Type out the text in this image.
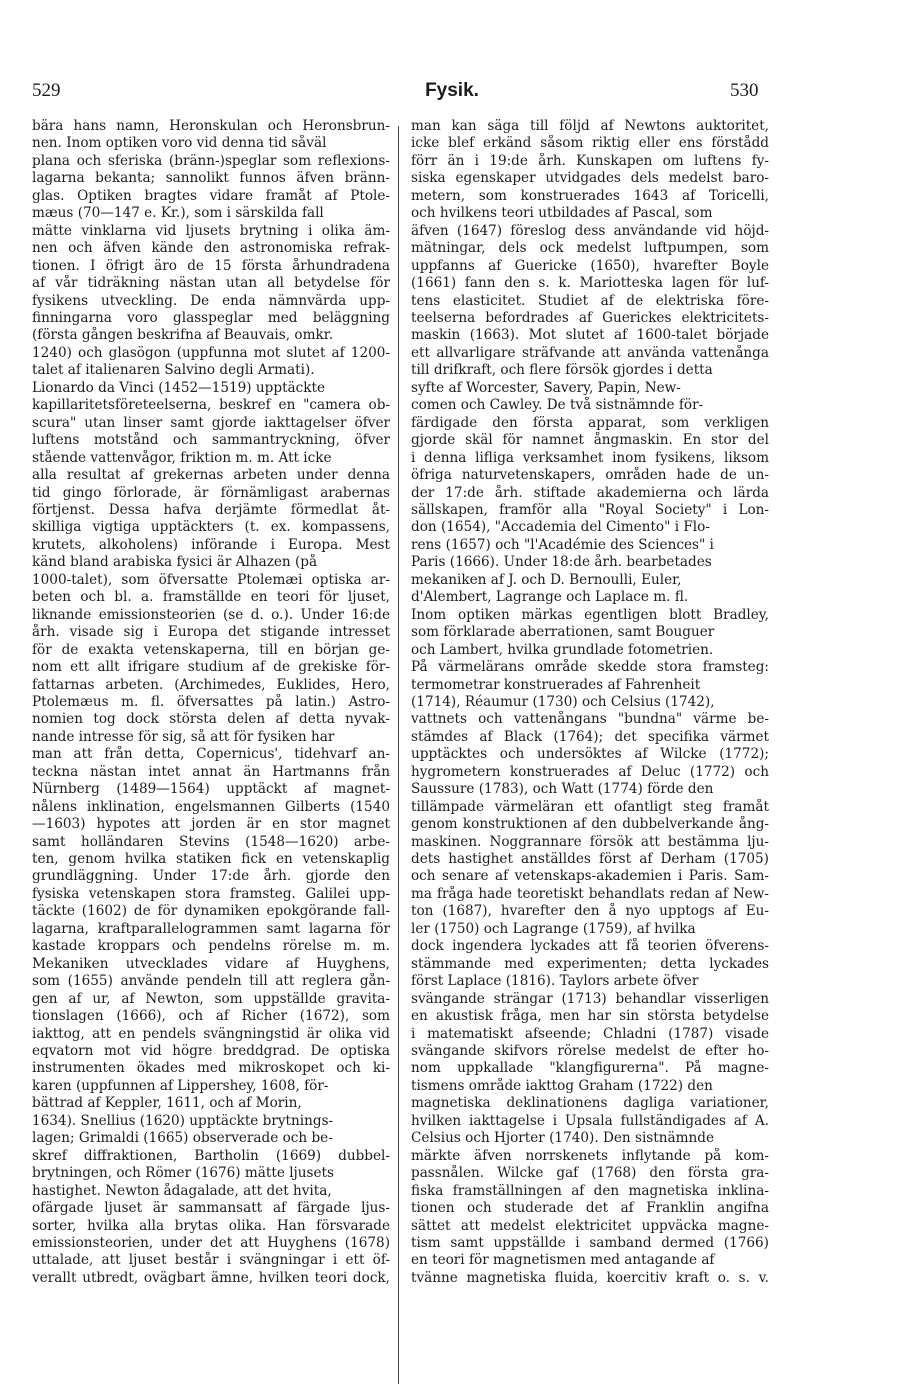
529	Fysik.	530
bära hans namn, Heronskulan och Heronsbrun-
nen. Inom optiken voro vid denna tid såväl
plana och sferiska (bränn-)speglar som reflexions-
lagarna bekanta; sannolikt funnos äfven bränn-
glas. Optiken bragtes vidare framåt af Ptole-
mæus (70—147 e. Kr.), som i särskilda fall
mätte vinklarna vid ljusets brytning i olika äm-
nen och äfven kände den astronomiska refrak-
tionen. I öfrigt äro de 15 första århundradena
af vår tidräkning nästan utan all betydelse för
fysikens utveckling. De enda nämnvärda upp-
finningarna voro glasspeglar med beläggning
(första gången beskrifna af Beauvais, omkr.
1240) och glasögon (uppfunna mot slutet af 1200-
talet af italienaren Salvino degli Armati).
Lionardo da Vinci (1452—1519) upptäckte
kapillaritetsföreteelserna, beskref en "camera ob-
scura" utan linser samt gjorde iakttagelser öfver
luftens motstånd och sammantryckning, öfver
stående vattenvågor, friktion m. m. Att icke
alla resultat af grekernas arbeten under denna
tid gingo förlorade, är förnämligast arabernas
förtjenst. Dessa hafva derjämte förmedlat åt-
skilliga vigtiga upptäckters (t. ex. kompassens,
krutets, alkoholens) införande i Europa. Mest
känd bland arabiska fysici är Alhazen (på
1000-talet), som öfversatte Ptolemæi optiska ar-
beten och bl. a. framställde en teori för ljuset,
liknande emissionsteorien (se d. o.). Under 16:de
årh. visade sig i Europa det stigande intresset
för de exakta vetenskaperna, till en början ge-
nom ett allt ifrigare studium af de grekiske för-
fattarnas arbeten. (Archimedes, Euklides, Hero,
Ptolemæus m. fl. öfversattes på latin.) Astro-
nomien tog dock största delen af detta nyvak-
nande intresse för sig, så att för fysiken har
man att från detta, Copernicus', tidehvarf an-
teckna nästan intet annat än Hartmanns från
Nürnberg (1489—1564) upptäckt af magnet-
nålens inklination, engelsmannen Gilberts (1540
—1603) hypotes att jorden är en stor magnet
samt holländaren Stevins (1548—1620) arbe-
ten, genom hvilka statiken fick en vetenskaplig
grundläggning. Under 17:de årh. gjorde den
fysiska vetenskapen stora framsteg. Galilei upp-
täckte (1602) de för dynamiken epokgörande fall-
lagarna, kraftparallelogrammen samt lagarna för
kastade kroppars och pendelns rörelse m. m.
Mekaniken utvecklades vidare af Huyghens,
som (1655) använde pendeln till att reglera gån-
gen af ur, af Newton, som uppställde gravita-
tionslagen (1666), och af Richer (1672), som
iakttog, att en pendels svängningstid är olika vid
eqvatorn mot vid högre breddgrad. De optiska
instrumenten ökades med mikroskopet och ki-
karen (uppfunnen af Lippershey, 1608, för-
bättrad af Keppler, 1611, och af Morin,
1634). Snellius (1620) upptäckte brytnings-
lagen; Grimaldi (1665) observerade och be-
skref diffraktionen, Bartholin (1669) dubbel-
brytningen, och Römer (1676) mätte ljusets
hastighet. Newton ådagalade, att det hvita,
ofärgade ljuset är sammansatt af färgade ljus-
sorter, hvilka alla brytas olika. Han försvarade
emissionsteorien, under det att Huyghens (1678)
uttalade, att ljuset består i svängningar i ett öf-
verallt utbredt, ovägbart ämne, hvilken teori dock,
man kan säga till följd af Newtons auktoritet,
icke blef erkänd såsom riktig eller ens förstådd
förr än i 19:de årh. Kunskapen om luftens fy-
siska egenskaper utvidgades dels medelst baro-
metern, som konstruerades 1643 af Toricelli,
och hvilkens teori utbildades af Pascal, som
äfven (1647) föreslog dess användande vid höjd-
mätningar, dels ock medelst luftpumpen, som
uppfanns af Guericke (1650), hvarefter Boyle
(1661) fann den s. k. Mariotteska lagen för luf-
tens elasticitet. Studiet af de elektriska före-
teelserna befordrades af Guerickes elektricitets-
maskin (1663). Mot slutet af 1600-talet började
ett allvarligare sträfvande att använda vattenånga
till drifkraft, och flere försök gjordes i detta
syfte af Worcester, Savery, Papin, New-
comen och Cawley. De två sistnämnde för-
färdigade den första apparat, som verkligen
gjorde skäl för namnet ångmaskin. En stor del
i denna lifliga verksamhet inom fysikens, liksom
öfriga naturvetenskapers, områden hade de un-
der 17:de årh. stiftade akademierna och lärda
sällskapen, framför alla "Royal Society" i Lon-
don (1654), "Accademia del Cimento" i Flo-
rens (1657) och "l'Académie des Sciences" i
Paris (1666). Under 18:de årh. bearbetades
mekaniken af J. och D. Bernoulli, Euler,
d'Alembert, Lagrange och Laplace m. fl.
Inom optiken märkas egentligen blott Bradley,
som förklarade aberrationen, samt Bouguer
och Lambert, hvilka grundlade fotometrien.
På värmelärans område skedde stora framsteg:
termometrar konstruerades af Fahrenheit
(1714), Réaumur (1730) och Celsius (1742),
vattnets och vattenångans "bundna" värme be-
stämdes af Black (1764); det specifika värmet
upptäcktes och undersöktes af Wilcke (1772);
hygrometern konstruerades af Deluc (1772) och
Saussure (1783), och Watt (1774) förde den
tillämpade värmeläran ett ofantligt steg framåt
genom konstruktionen af den dubbelverkande ång-
maskinen. Noggrannare försök att bestämma lju-
dets hastighet anställdes först af Derham (1705)
och senare af vetenskaps-akademien i Paris. Sam-
ma fråga hade teoretiskt behandlats redan af New-
ton (1687), hvarefter den å nyo upptogs af Eu-
ler (1750) och Lagrange (1759), af hvilka
dock ingendera lyckades att få teorien öfverens-
stämmande med experimenten; detta lyckades
först Laplace (1816). Taylors arbete öfver
svängande strängar (1713) behandlar visserligen
en akustisk fråga, men har sin största betydelse
i matematiskt afseende; Chladni (1787) visade
svängande skifvors rörelse medelst de efter ho-
nom uppkallade "klangfigurerna". På magne-
tismens område iakttog Graham (1722) den
magnetiska deklinationens dagliga variationer,
hvilken iakttagelse i Upsala fullständigades af A.
Celsius och Hjorter (1740). Den sistnämnde
märkte äfven norrskenets inflytande på kom-
passnålen. Wilcke gaf (1768) den första gra-
fiska framställningen af den magnetiska inklina-
tionen och studerade det af Franklin angifna
sättet att medelst elektricitet uppväcka magne-
tism samt uppställde i samband dermed (1766)
en teori för magnetismen med antagande af
tvänne magnetiska fluida, koercitiv kraft o. s. v.
